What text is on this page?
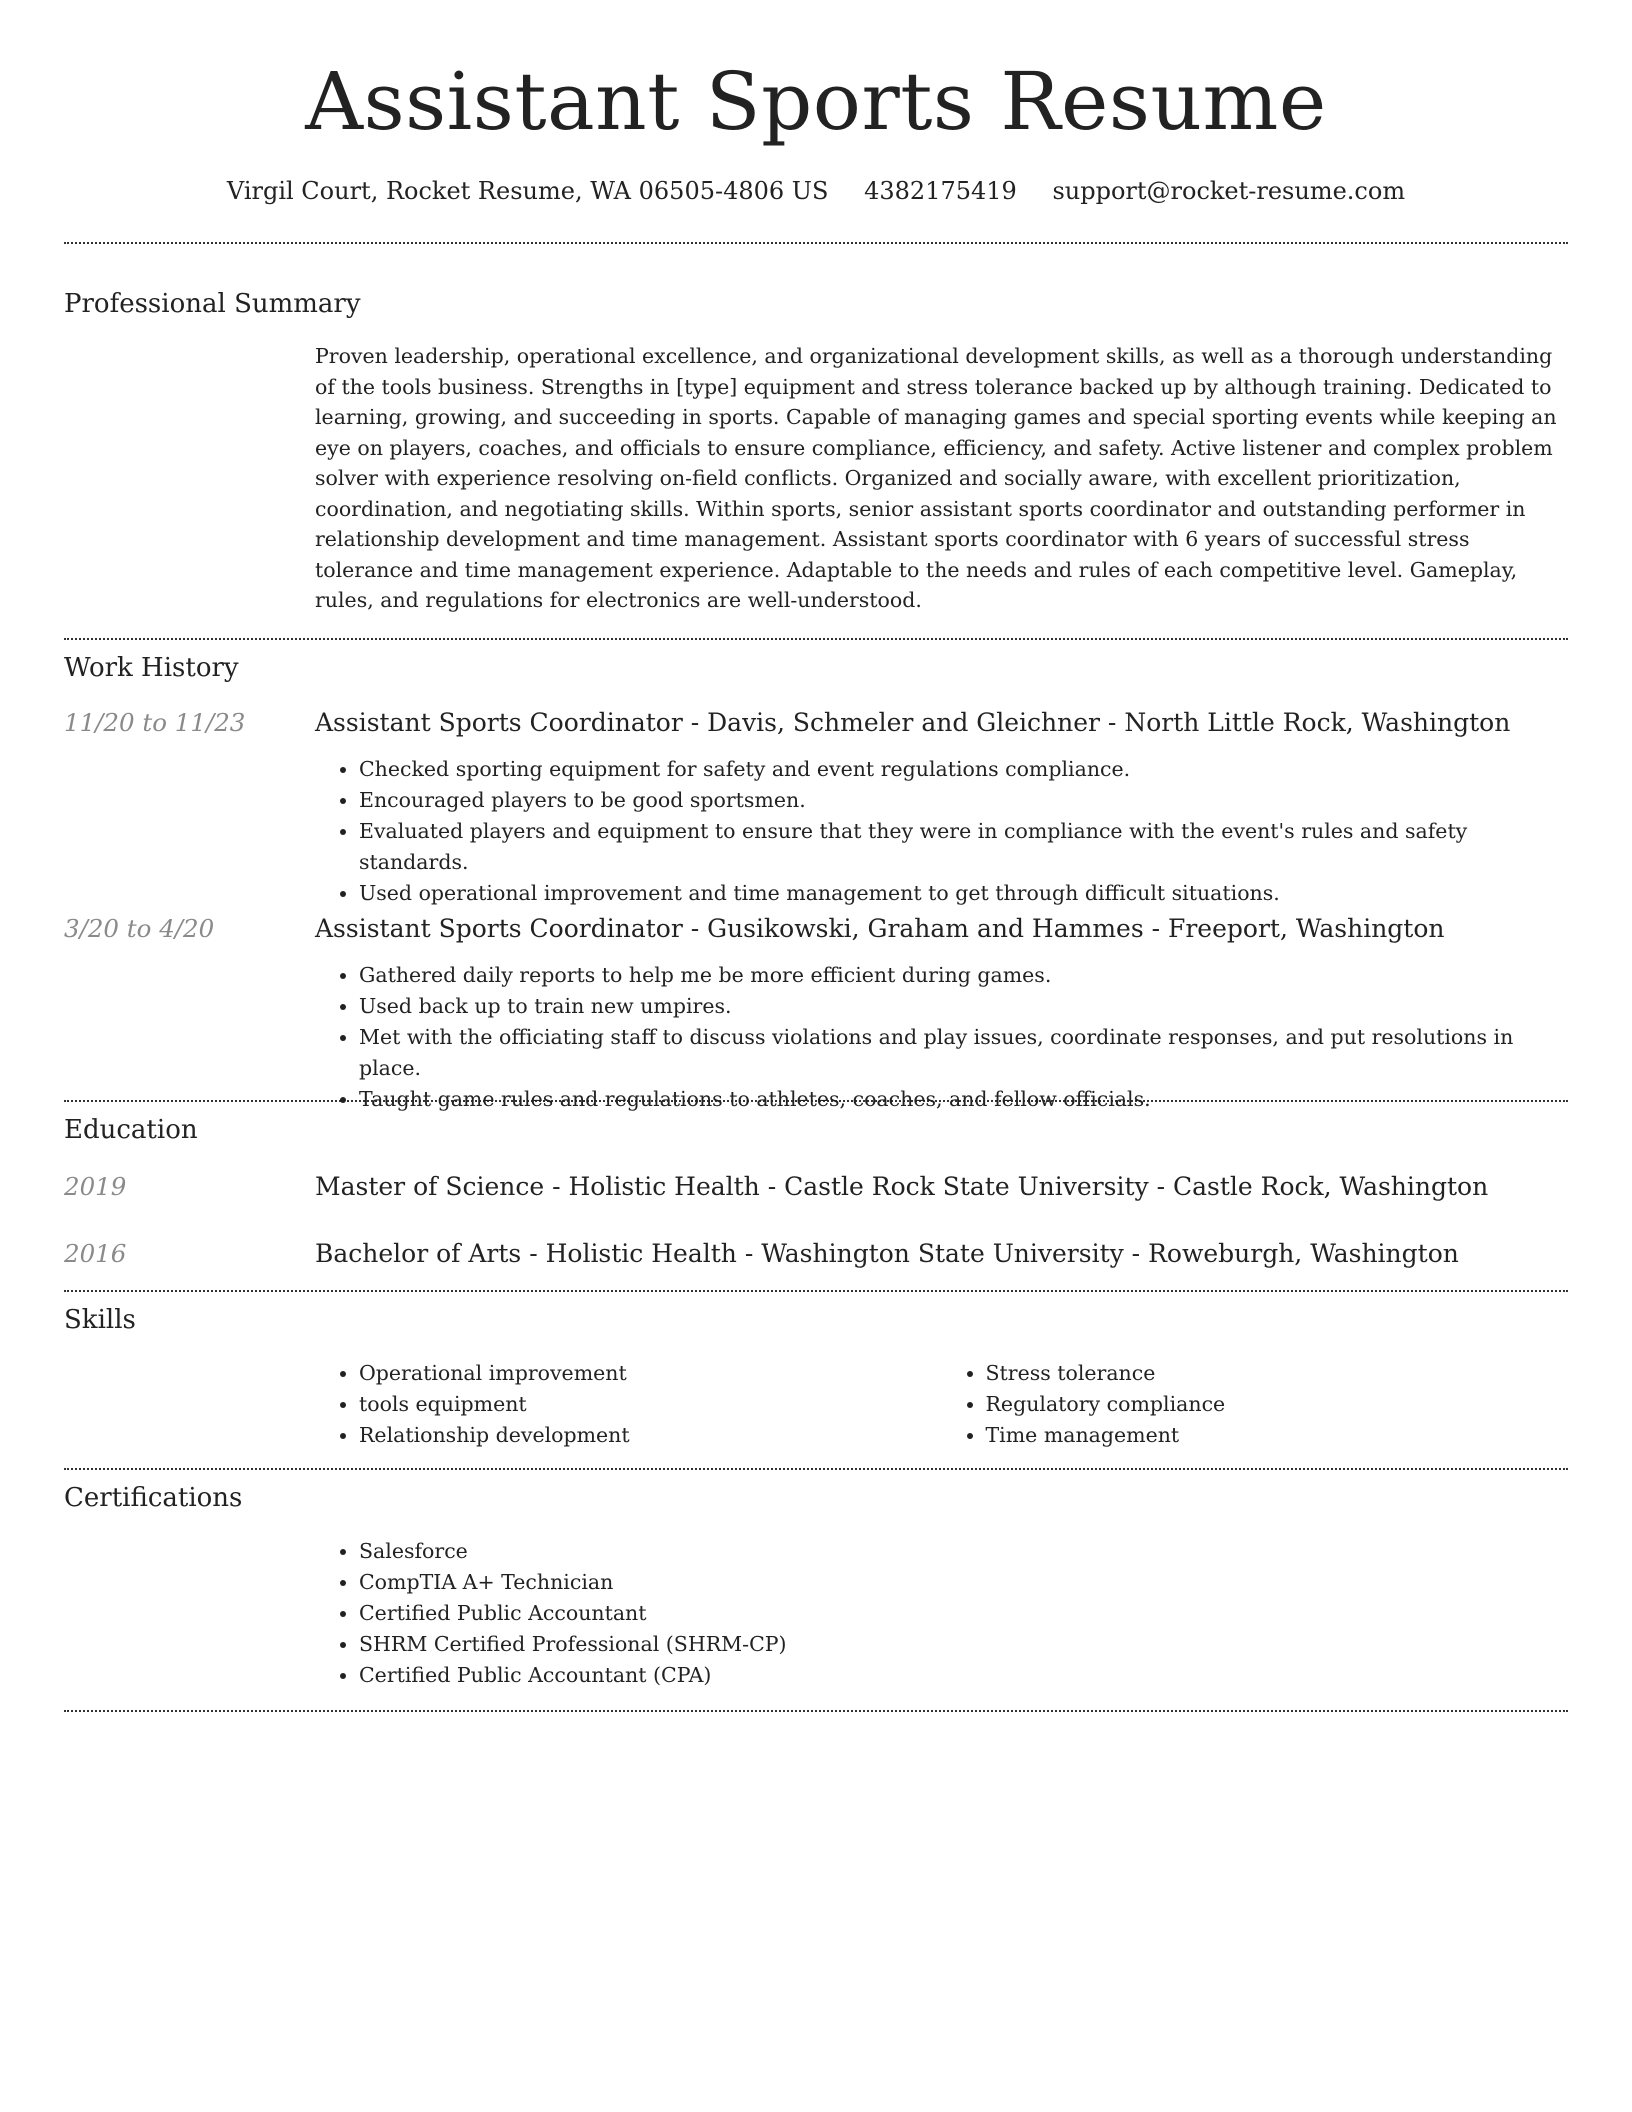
Assistant Sports Resume
Virgil Court, Rocket Resume, WA 06505-4806 US 4382175419 support@rocket-resume.com
Professional Summary
Proven leadership, operational excellence, and organizational development skills, as well as a thorough understanding of the tools business. Strengths in [type] equipment and stress tolerance backed up by although training. Dedicated to learning, growing, and succeeding in sports. Capable of managing games and special sporting events while keeping an eye on players, coaches, and officials to ensure compliance, efficiency, and safety. Active listener and complex problem solver with experience resolving on-field conflicts. Organized and socially aware, with excellent prioritization, coordination, and negotiating skills. Within sports, senior assistant sports coordinator and outstanding performer in relationship development and time management. Assistant sports coordinator with 6 years of successful stress tolerance and time management experience. Adaptable to the needs and rules of each competitive level. Gameplay, rules, and regulations for electronics are well-understood.
Work History
11/20 to 11/23	Assistant Sports Coordinator - Davis, Schmeler and Gleichner - North Little Rock, Washington
• Checked sporting equipment for safety and event regulations compliance.
• Encouraged players to be good sportsmen.
• Evaluated players and equipment to ensure that they were in compliance with the event's rules and safety standards.
• Used operational improvement and time management to get through difficult situations.
3/20 to 4/20	Assistant Sports Coordinator - Gusikowski, Graham and Hammes - Freeport, Washington
• Gathered daily reports to help me be more efficient during games.
• Used back up to train new umpires.
• Met with the officiating staff to discuss violations and play issues, coordinate responses, and put resolutions in place.
• Taught game rules and regulations to athletes, coaches, and fellow officials.
Education
2019	Master of Science - Holistic Health - Castle Rock State University - Castle Rock, Washington
2016	Bachelor of Arts - Holistic Health - Washington State University - Roweburgh, Washington
Skills
• Operational improvement
• tools equipment
• Relationship development
• Stress tolerance
• Regulatory compliance
• Time management
Certifications
• Salesforce
• CompTIA A+ Technician
• Certified Public Accountant
• SHRM Certified Professional (SHRM-CP)
• Certified Public Accountant (CPA)
